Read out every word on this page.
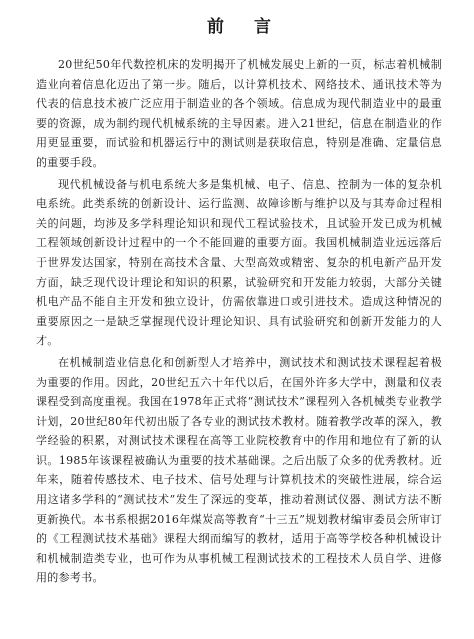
前 言

20世纪50年代数控机床的发明揭开了机械发展史上新的一页，标志着机械制造业向着信息化迈出了第一步。随后，以计算机技术、网络技术、通讯技术等为代表的信息技术被广泛应用于制造业的各个领域。信息成为现代制造业中的最重要的资源，成为制约现代机械系统的主导因素。进入21世纪，信息在制造业的作用更显重要，而试验和机器运行中的测试则是获取信息，特别是准确、定量信息的重要手段。

现代机械设备与机电系统大多是集机械、电子、信息、控制为一体的复杂机电系统。此类系统的创新设计、运行监测、故障诊断与维护以及与其寿命过程相关的问题，均涉及多学科理论知识和现代工程试验技术，且试验开发已成为机械工程领域创新设计过程中的一个不能回避的重要方面。我国机械制造业远远落后于世界发达国家，特别在高技术含量、大型高效或精密、复杂的机电新产品开发方面，缺乏现代设计理论和知识的积累，试验研究和开发能力较弱，大部分关键机电产品不能自主开发和独立设计，仿需依靠进口或引进技术。造成这种情况的重要原因之一是缺乏掌握现代设计理论知识、具有试验研究和创新开发能力的人才。

在机械制造业信息化和创新型人才培养中，测试技术和测试技术课程起着极为重要的作用。因此，20世纪五六十年代以后，在国外许多大学中，测量和仪表课程受到高度重视。我国在1978年正式将“测试技术”课程列入各机械类专业教学计划，20世纪80年代初出版了各专业的测试技术教材。随着教学改革的深入，教学经验的积累，对测试技术课程在高等工业院校教育中的作用和地位有了新的认识。1985年该课程被确认为重要的技术基础课。之后出版了众多的优秀教材。近年来，随着传感技术、电子技术、信号处理与计算机技术的突破性进展，综合运用这诸多学科的“测试技术”发生了深远的变革，推动着测试仪器、测试方法不断更新换代。本书系根据2016年煤炭高等教育“十三五”规划教材编审委员会所审订的《工程测试技术基础》课程大纲而编写的教材，适用于高等学校各种机械设计和机械制造类专业，也可作为从事机械工程测试技术的工程技术人员自学、进修用的参考书。
